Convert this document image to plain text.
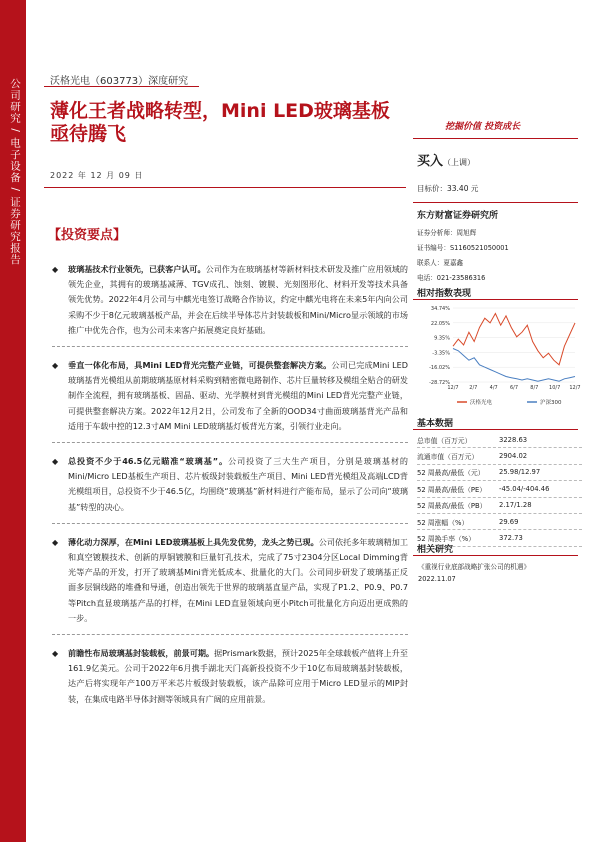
公司研究 / 电子设备 / 证券研究报告	沃格光电（603773）深度研究
薄化王者战略转型，Mini LED玻璃基板亟待腾飞
2022 年 12 月 09 日
【投资要点】
◆ 玻璃基技术行业领先，已获客户认可。公司作为在玻璃基材等新材料技术研发及推广应用领域的领先企业，其拥有的玻璃基减薄、TGV成孔、蚀刻、镀膜、光刻图形化、材料开发等技术具备领先优势。2022年4月公司与中麒光电签订战略合作协议，约定中麒光电将在未来5年内向公司采购不少于8亿元玻璃基板产品，并会在后续半导体芯片封装载板和Mini/Micro显示领域的市场推广中优先合作，也为公司未来客户拓展奠定良好基础。
◆ 垂直一体化布局，具Mini LED背光完整产业链，可提供整套解决方案。公司已完成Mini LED玻璃基背光模组从前期玻璃基原材料采购到精密微电路制作、芯片巨量转移及模组全贴合的研发制作全流程，拥有玻璃基板、固晶、驱动、光学膜材到背光模组的Mini LED背光完整产业链，可提供整套解决方案。2022年12月2日，公司发布了全新的OOD34寸曲面玻璃基背光产品和适用于车载中控的12.3寸AM Mini LED玻璃基灯板背光方案，引领行业走向。
◆ 总投资不少于46.5亿元瞄准“玻璃基”。公司投资了三大生产项目，分别是玻璃基材的Mini/Micro LED基板生产项目、芯片板级封装载板生产项目、Mini LED背光模组及高端LCD背光模组项目，总投资不少于46.5亿，均围绕“玻璃基”新材料进行产能布局，显示了公司向“玻璃基”转型的决心。
◆ 薄化动力深厚，在Mini LED玻璃基板上具先发优势，龙头之势已现。公司依托多年玻璃精加工和真空镀膜技术、创新的厚铜镀膜和巨量钉孔技术，完成了75寸2304分区Local Dimming背光等产品的开发，打开了玻璃基Mini背光低成本、批量化的大门。公司同步研发了玻璃基正反面多层铜线路的堆叠和导通，创造出领先于世界的玻璃基直显产品，实现了P1.2、P0.9、P0.7等Pitch直显玻璃基产品的打样，在Mini LED直显领域向更小Pitch可批量化方向迈出更成熟的一步。
◆ 前瞻性布局玻璃基封装载板，前景可期。据Prismark数据，预计2025年全球载板产值将上升至161.9亿美元。公司于2022年6月携手湖北天门高新投投资不少于10亿布局玻璃基封装载板，达产后将实现年产100万平米芯片板级封装载板，该产品除可应用于Micro LED显示的MIP封装，在集成电路半导体封测等领域具有广阔的应用前景。
挖掘价值 投资成长
买入（上调）
目标价：33.40 元
东方财富证券研究所
证券分析师：周旭辉
证书编号：S1160521050001
联系人：夏嘉鑫
电话：021-23586316
相对指数表现
34.74%
22.05%
9.35%
-3.35%
-16.02%
-28.72%
12/7 2/7 4/7 6/7 8/7 10/7 12/7
沃格光电	沪深300
基本数据
总市值（百万元）	3228.63
流通市值（百万元）	2904.02
52 周最高/最低（元）	25.98/12.97
52 周最高/最低（PE）	-45.04/-404.46
52 周最高/最低（PB）	2.17/1.28
52 周涨幅（%）	29.69
52 周换手率（%）	372.73
相关研究
《重视行业底部战略扩张公司的机遇》
2022.11.07
